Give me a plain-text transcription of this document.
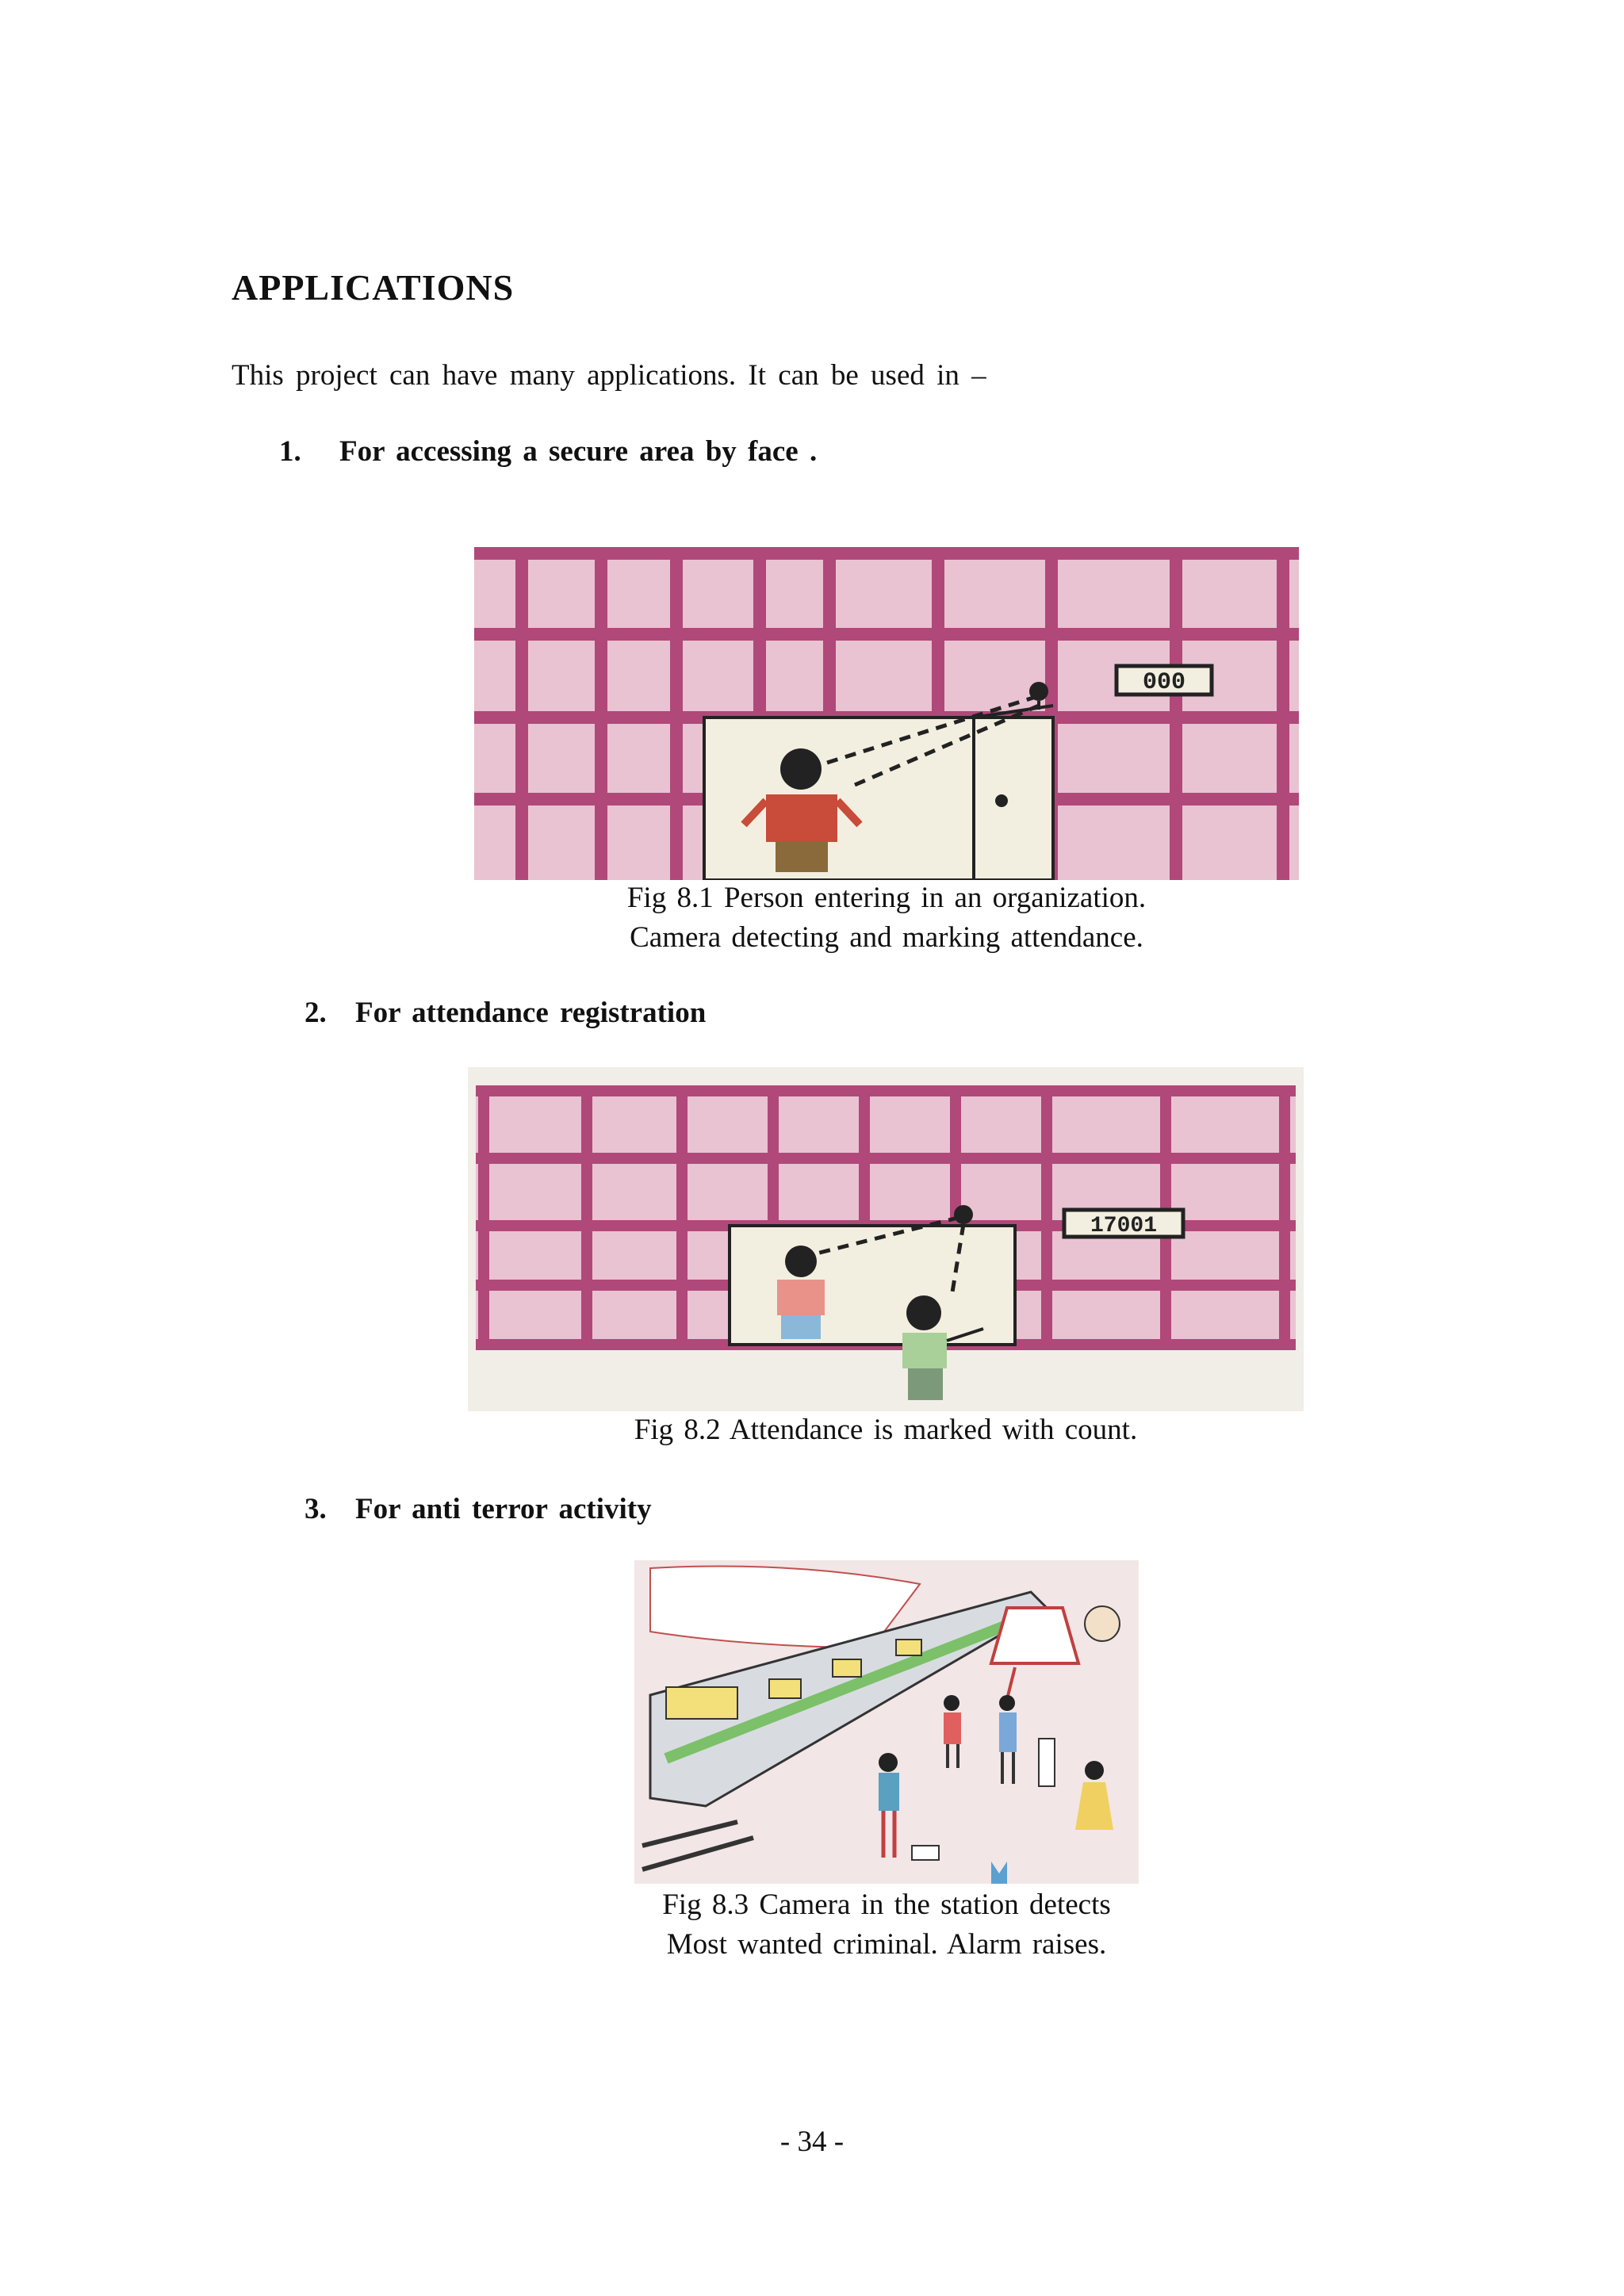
APPLICATIONS
This project can have many applications. It can be used in –
1. For accessing a secure area by face .
000
Fig 8.1 Person entering in an organization.
Camera detecting and marking attendance.
2. For attendance registration
17001
Fig 8.2 Attendance is marked with count.
3. For anti terror activity
Fig 8.3 Camera in the station detects
Most wanted criminal. Alarm raises.
- 34 -
